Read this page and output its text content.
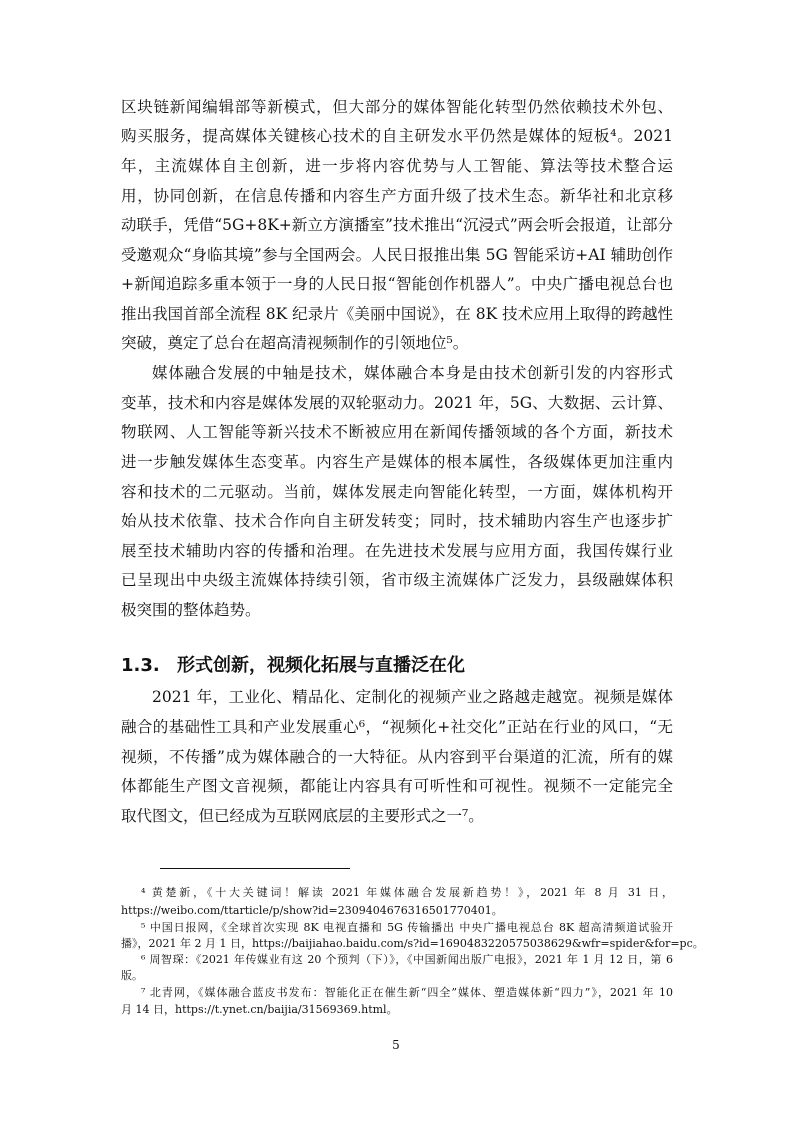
区块链新闻编辑部等新模式，但大部分的媒体智能化转型仍然依赖技术外包、
购买服务，提高媒体关键核心技术的自主研发水平仍然是媒体的短板⁴。2021
年，主流媒体自主创新，进一步将内容优势与人工智能、算法等技术整合运
用，协同创新，在信息传播和内容生产方面升级了技术生态。新华社和北京移
动联手，凭借“5G+8K+新立方演播室”技术推出“沉浸式”两会听会报道，让部分
受邀观众“身临其境”参与全国两会。人民日报推出集 5G 智能采访+AI 辅助创作
+新闻追踪多重本领于一身的人民日报“智能创作机器人”。中央广播电视总台也
推出我国首部全流程 8K 纪录片《美丽中国说》，在 8K 技术应用上取得的跨越性
突破，奠定了总台在超高清视频制作的引领地位⁵。
媒体融合发展的中轴是技术，媒体融合本身是由技术创新引发的内容形式
变革，技术和内容是媒体发展的双轮驱动力。2021 年，5G、大数据、云计算、
物联网、人工智能等新兴技术不断被应用在新闻传播领域的各个方面，新技术
进一步触发媒体生态变革。内容生产是媒体的根本属性，各级媒体更加注重内
容和技术的二元驱动。当前，媒体发展走向智能化转型，一方面，媒体机构开
始从技术依靠、技术合作向自主研发转变；同时，技术辅助内容生产也逐步扩
展至技术辅助内容的传播和治理。在先进技术发展与应用方面，我国传媒行业
已呈现出中央级主流媒体持续引领，省市级主流媒体广泛发力，县级融媒体积
极突围的整体趋势。
1.3. 形式创新，视频化拓展与直播泛在化
2021 年，工业化、精品化、定制化的视频产业之路越走越宽。视频是媒体
融合的基础性工具和产业发展重心⁶，“视频化+社交化”正站在行业的风口，“无
视频，不传播”成为媒体融合的一大特征。从内容到平台渠道的汇流，所有的媒
体都能生产图文音视频，都能让内容具有可听性和可视性。视频不一定能完全
取代图文，但已经成为互联网底层的主要形式之一⁷。
⁴ 黄楚新，《十大关键词！解读 2021 年媒体融合发展新趋势！》，2021 年 8 月 31 日，
https://weibo.com/ttarticle/p/show?id=2309404676316501770401。
⁵ 中国日报网，《全球首次实现 8K 电视直播和 5G 传输播出 中央广播电视总台 8K 超高清频道试验开
播》，2021 年 2 月 1 日，https://baijiahao.baidu.com/s?id=1690483220575038629&wfr=spider&for=pc。
⁶ 周智琛：《2021 年传媒业有这 20 个预判（下）》，《中国新闻出版广电报》，2021 年 1 月 12 日，第 6
版。
⁷ 北青网，《媒体融合蓝皮书发布：智能化正在催生新“四全”媒体、塑造媒体新“四力”》，2021 年 10
月 14 日，https://t.ynet.cn/baijia/31569369.html。
5
